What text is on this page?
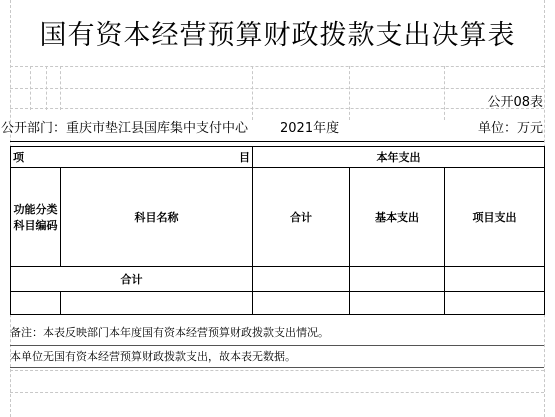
国有资本经营预算财政拨款支出决算表
公开08表
公开部门：重庆市垫江县国库集中支付中心 2021年度	单位：万元
项 目		本年支出		
功能分类科目编码	科目名称	合计	基本支出	项目支出
合计				

备注：本表反映部门本年度国有资本经营预算财政拨款支出情况。
本单位无国有资本经营预算财政拨款支出，故本表无数据。
